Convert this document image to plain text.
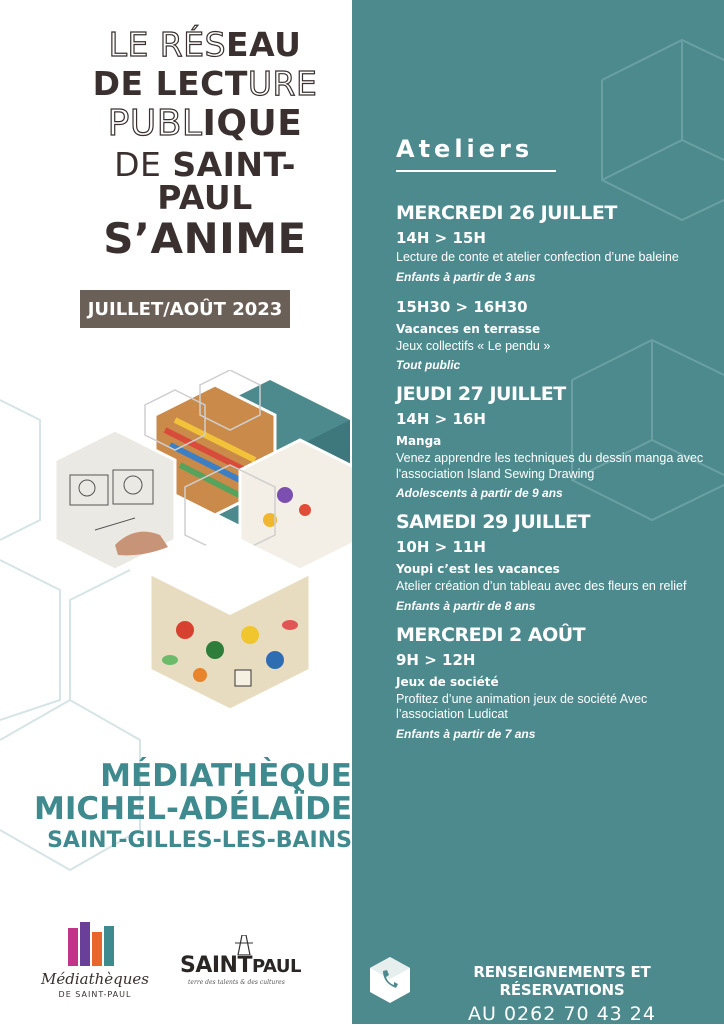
LE RÉSEAU
DE LECTURE
PUBLIQUE
DE SAINT-PAUL
S’ANIME
JUILLET/AOÛT 2023
MÉDIATHÈQUE
MICHEL-ADÉLAÏDE
SAINT-GILLES-LES-BAINS
Médiathèques
DE SAINT-PAUL
SAINTPAUL
terre des talents & des cultures
Ateliers
MERCREDI 26 JUILLET
14H > 15H
Lecture de conte et atelier confection d’une baleine
Enfants à partir de 3 ans
15H30 > 16H30
Vacances en terrasse
Jeux collectifs « Le pendu »
Tout public
JEUDI 27 JUILLET
14H > 16H
Manga
Venez apprendre les techniques du dessin manga avec l'association Island Sewing Drawing
Adolescents à partir de 9 ans
SAMEDI 29 JUILLET
10H > 11H
Youpi c’est les vacances
Atelier création d’un tableau avec des fleurs en relief
Enfants à partir de 8 ans
MERCREDI 2 AOÛT
9H > 12H
Jeux de société
Profitez d’une animation jeux de société Avec l’association Ludicat
Enfants à partir de 7 ans
RENSEIGNEMENTS ET RÉSERVATIONS
AU 0262 70 43 24
